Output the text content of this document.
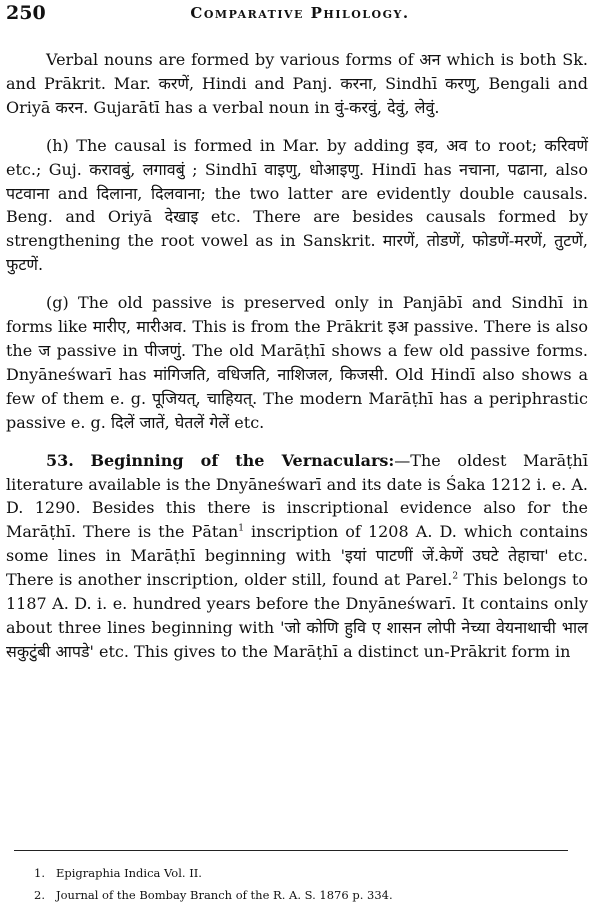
250	Comparative Philology.

Verbal nouns are formed by various forms of अन which is both Sk. and Prākrit. Mar. करणें, Hindi and Panj. करना, Sindhī करणु, Bengali and Oriyā करन. Gujarātī has a verbal noun in वुं-करवुं, देवुं, लेवुं.

(h) The causal is formed in Mar. by adding इव, अव to root; करिवणें etc.; Guj. करावबुं, लगावबुं ; Sindhī वाइणु, धोआइणु. Hindī has नचाना, पढाना, also पटवाना and दिलाना, दिलवाना; the two latter are evidently double causals. Beng. and Oriyā देखाइ etc. There are besides causals formed by strengthening the root vowel as in Sanskrit. मारणें, तोडणें, फोडणें-मरणें, तुटणें, फुटणें.

(g) The old passive is preserved only in Panjābī and Sindhī in forms like मारीए, मारीअव. This is from the Prākrit इअ passive. There is also the ज passive in पीजणुं. The old Marāṭhī shows a few old passive forms. Dnyāneśwarī has मांगिजति, वधिजति, नाशिजल, किजसी. Old Hindī also shows a few of them e. g. पूजियत्, चाहियत्. The modern Marāṭhī has a periphrastic passive e. g. दिलें जातें, घेतलें गेलें etc.

53. Beginning of the Vernaculars:—The oldest Marāṭhī literature available is the Dnyāneśwarī and its date is Śaka 1212 i. e. A. D. 1290. Besides this there is inscriptional evidence also for the Marāṭhī. There is the Pātan$^1$ inscription of 1208 A. D. which contains some lines in Marāṭhī beginning with 'इयां पाटणीं जें.केणें उघटे तेहाचा' etc. There is another inscription, older still, found at Parel.$^2$ This belongs to 1187 A. D. i. e. hundred years before the Dnyāneśwarī. It contains only about three lines beginning with 'जो कोणि हुवि ए शासन लोपी नेच्या वेयनाथाची भाल सकुटुंबी आपडे' etc. This gives to the Marāṭhī a distinct un-Prākrit form in

1. Epigraphia Indica Vol. II.
2. Journal of the Bombay Branch of the R. A. S. 1876 p. 334.
